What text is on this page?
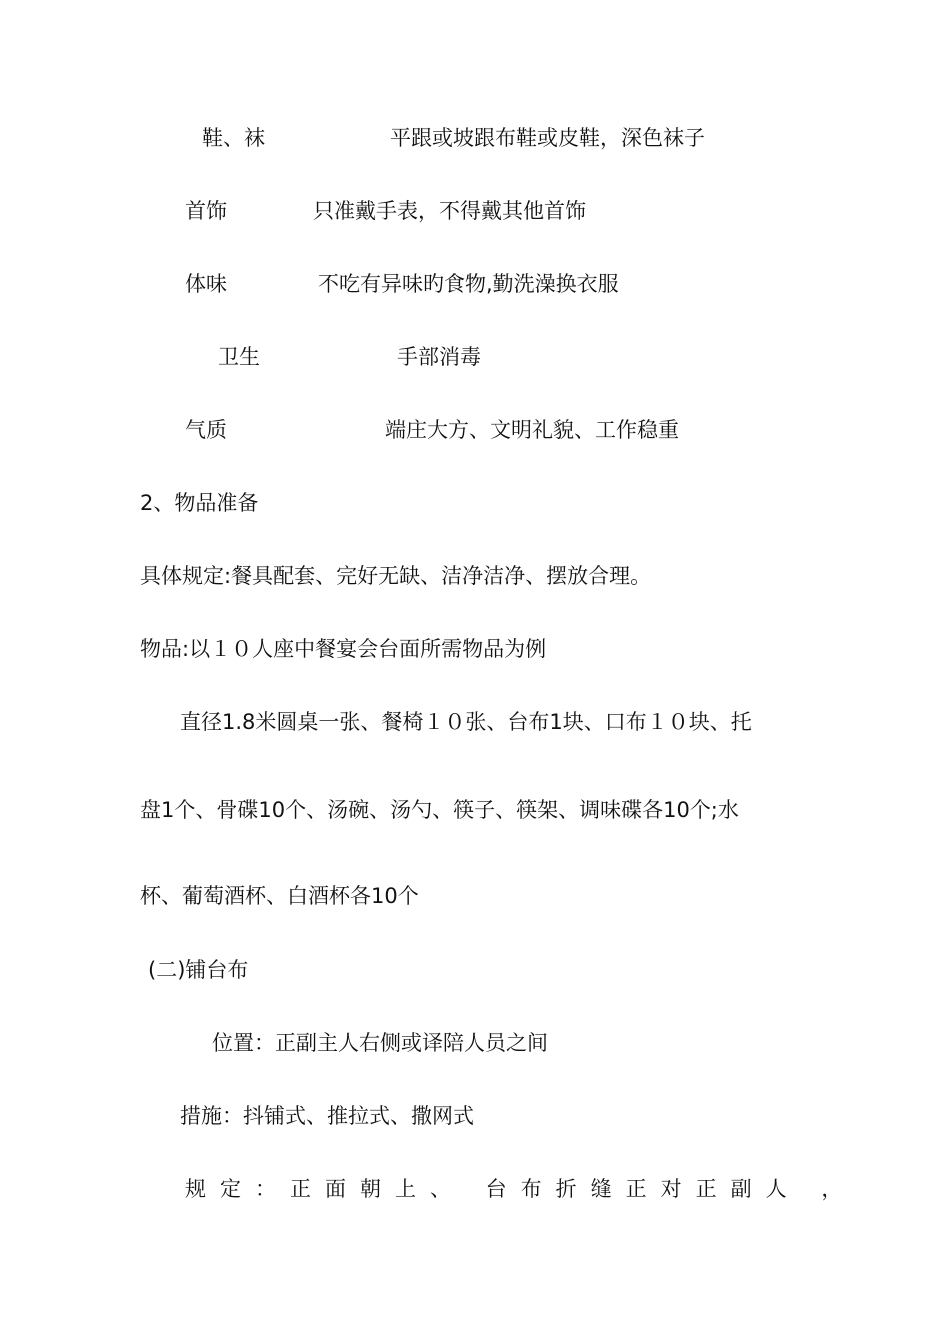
鞋、袜	平跟或坡跟布鞋或皮鞋，深色袜子
首饰	只准戴手表，不得戴其他首饰
体味	不吃有异味旳食物,勤洗澡换衣服
卫生	手部消毒
气质	端庄大方、文明礼貌、工作稳重
2、物品准备
具体规定:餐具配套、完好无缺、洁净洁净、摆放合理。
物品:以１０人座中餐宴会台面所需物品为例
直径1.8米圆桌一张、餐椅１０张、台布1块、口布１０块、托
盘1个、骨碟10个、汤碗、汤勺、筷子、筷架、调味碟各10个;水
杯、葡萄酒杯、白酒杯各10个
(二)铺台布
位置：正副主人右侧或译陪人员之间
措施：抖铺式、推拉式、撒网式
规定：正面朝上、 台布折缝正对正副人 ，
